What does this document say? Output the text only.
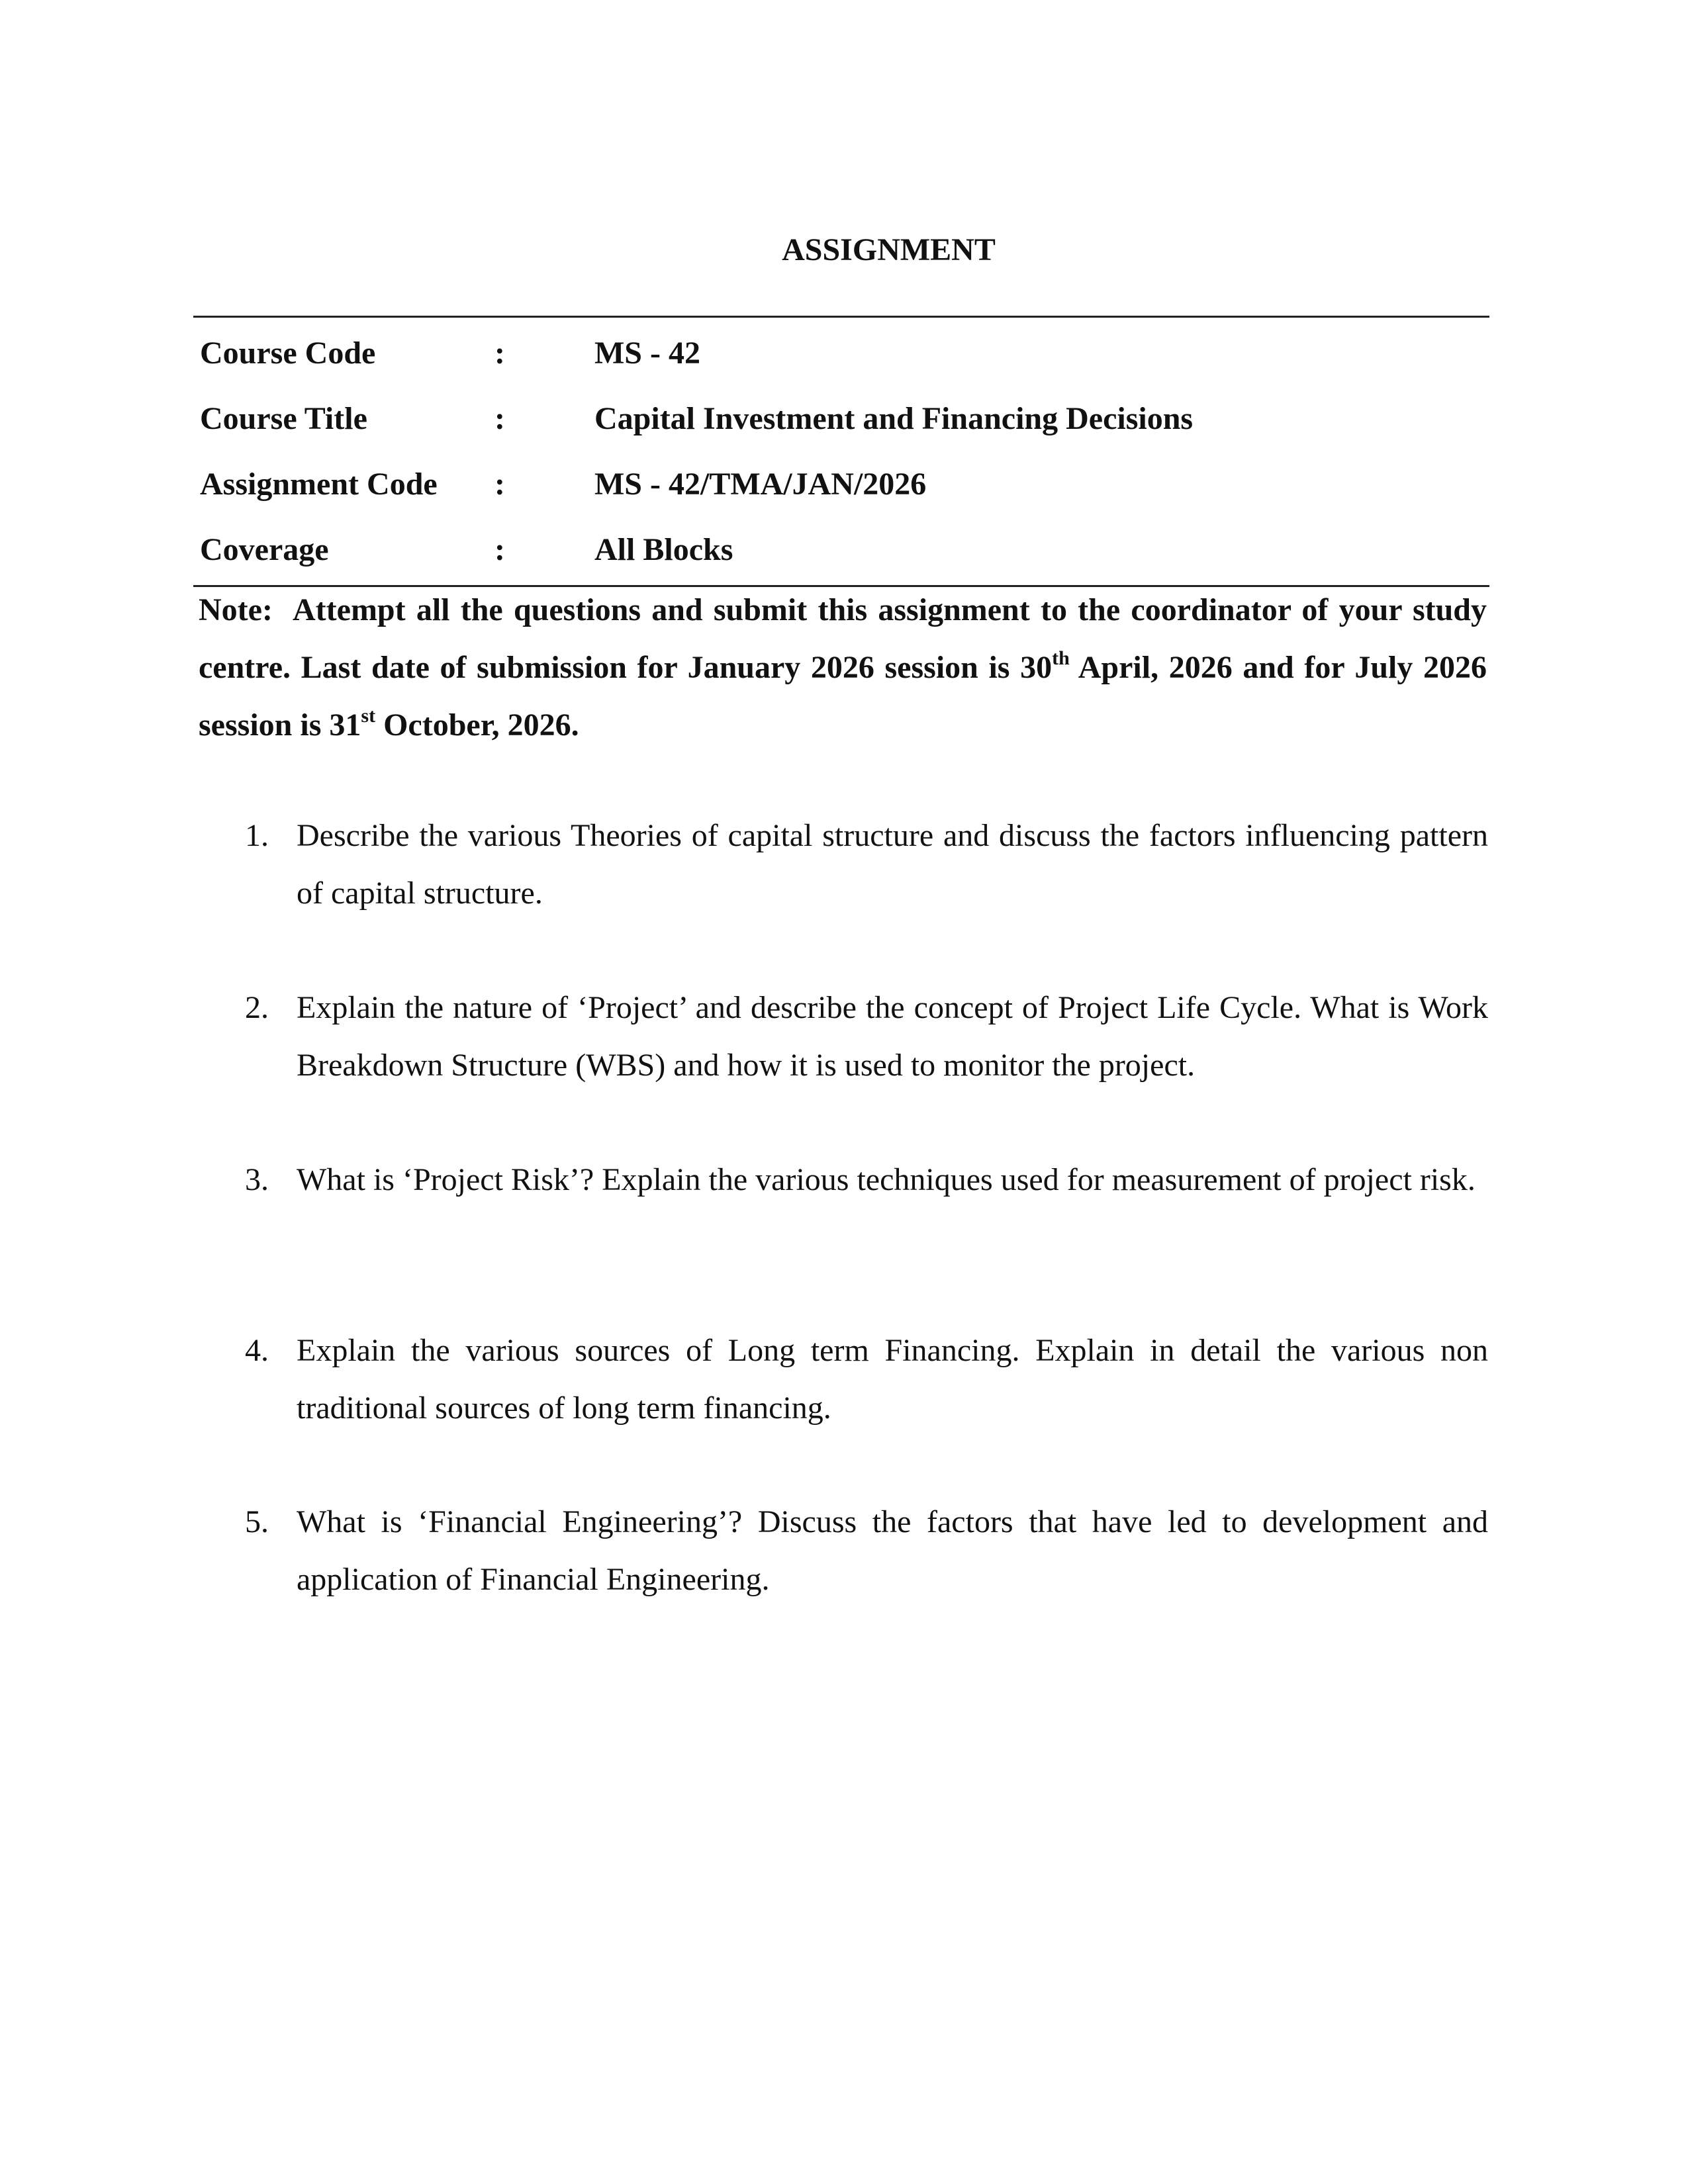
ASSIGNMENT
Course Code	:	MS - 42
Course Title	:	Capital Investment and Financing Decisions
Assignment Code :	MS - 42/TMA/JAN/2026
Coverage	:	All Blocks
Note: Attempt all the questions and submit this assignment to the coordinator of your study centre. Last date of submission for January 2026 session is 30th April, 2026 and for July 2026 session is 31st October, 2026.
1. Describe the various Theories of capital structure and discuss the factors influencing pattern of capital structure.
2. Explain the nature of ‘Project’ and describe the concept of Project Life Cycle. What is Work Breakdown Structure (WBS) and how it is used to monitor the project.
3. What is ‘Project Risk’? Explain the various techniques used for measurement of project risk.
4. Explain the various sources of Long term Financing. Explain in detail the various non traditional sources of long term financing.
5. What is ‘Financial Engineering’? Discuss the factors that have led to development and application of Financial Engineering.
